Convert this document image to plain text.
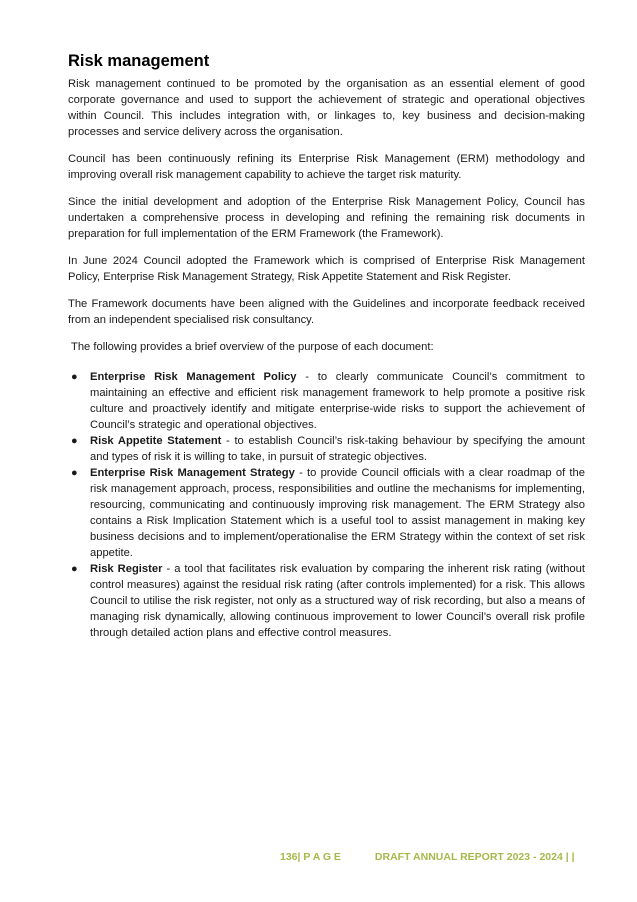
Risk management

Risk management continued to be promoted by the organisation as an essential element of good corporate governance and used to support the achievement of strategic and operational objectives within Council. This includes integration with, or linkages to, key business and decision-making processes and service delivery across the organisation.

Council has been continuously refining its Enterprise Risk Management (ERM) methodology and improving overall risk management capability to achieve the target risk maturity.

Since the initial development and adoption of the Enterprise Risk Management Policy, Council has undertaken a comprehensive process in developing and refining the remaining risk documents in preparation for full implementation of the ERM Framework (the Framework).

In June 2024 Council adopted the Framework which is comprised of Enterprise Risk Management Policy, Enterprise Risk Management Strategy, Risk Appetite Statement and Risk Register.

The Framework documents have been aligned with the Guidelines and incorporate feedback received from an independent specialised risk consultancy.

The following provides a brief overview of the purpose of each document:

● Enterprise Risk Management Policy - to clearly communicate Council’s commitment to maintaining an effective and efficient risk management framework to help promote a positive risk culture and proactively identify and mitigate enterprise-wide risks to support the achievement of Council’s strategic and operational objectives.
● Risk Appetite Statement - to establish Council’s risk-taking behaviour by specifying the amount and types of risk it is willing to take, in pursuit of strategic objectives.
● Enterprise Risk Management Strategy - to provide Council officials with a clear roadmap of the risk management approach, process, responsibilities and outline the mechanisms for implementing, resourcing, communicating and continuously improving risk management. The ERM Strategy also contains a Risk Implication Statement which is a useful tool to assist management in making key business decisions and to implement/operationalise the ERM Strategy within the context of set risk appetite.
● Risk Register - a tool that facilitates risk evaluation by comparing the inherent risk rating (without control measures) against the residual risk rating (after controls implemented) for a risk. This allows Council to utilise the risk register, not only as a structured way of risk recording, but also a means of managing risk dynamically, allowing continuous improvement to lower Council’s overall risk profile through detailed action plans and effective control measures.
136| P A G E	DRAFT ANNUAL REPORT 2023 - 2024 | |
